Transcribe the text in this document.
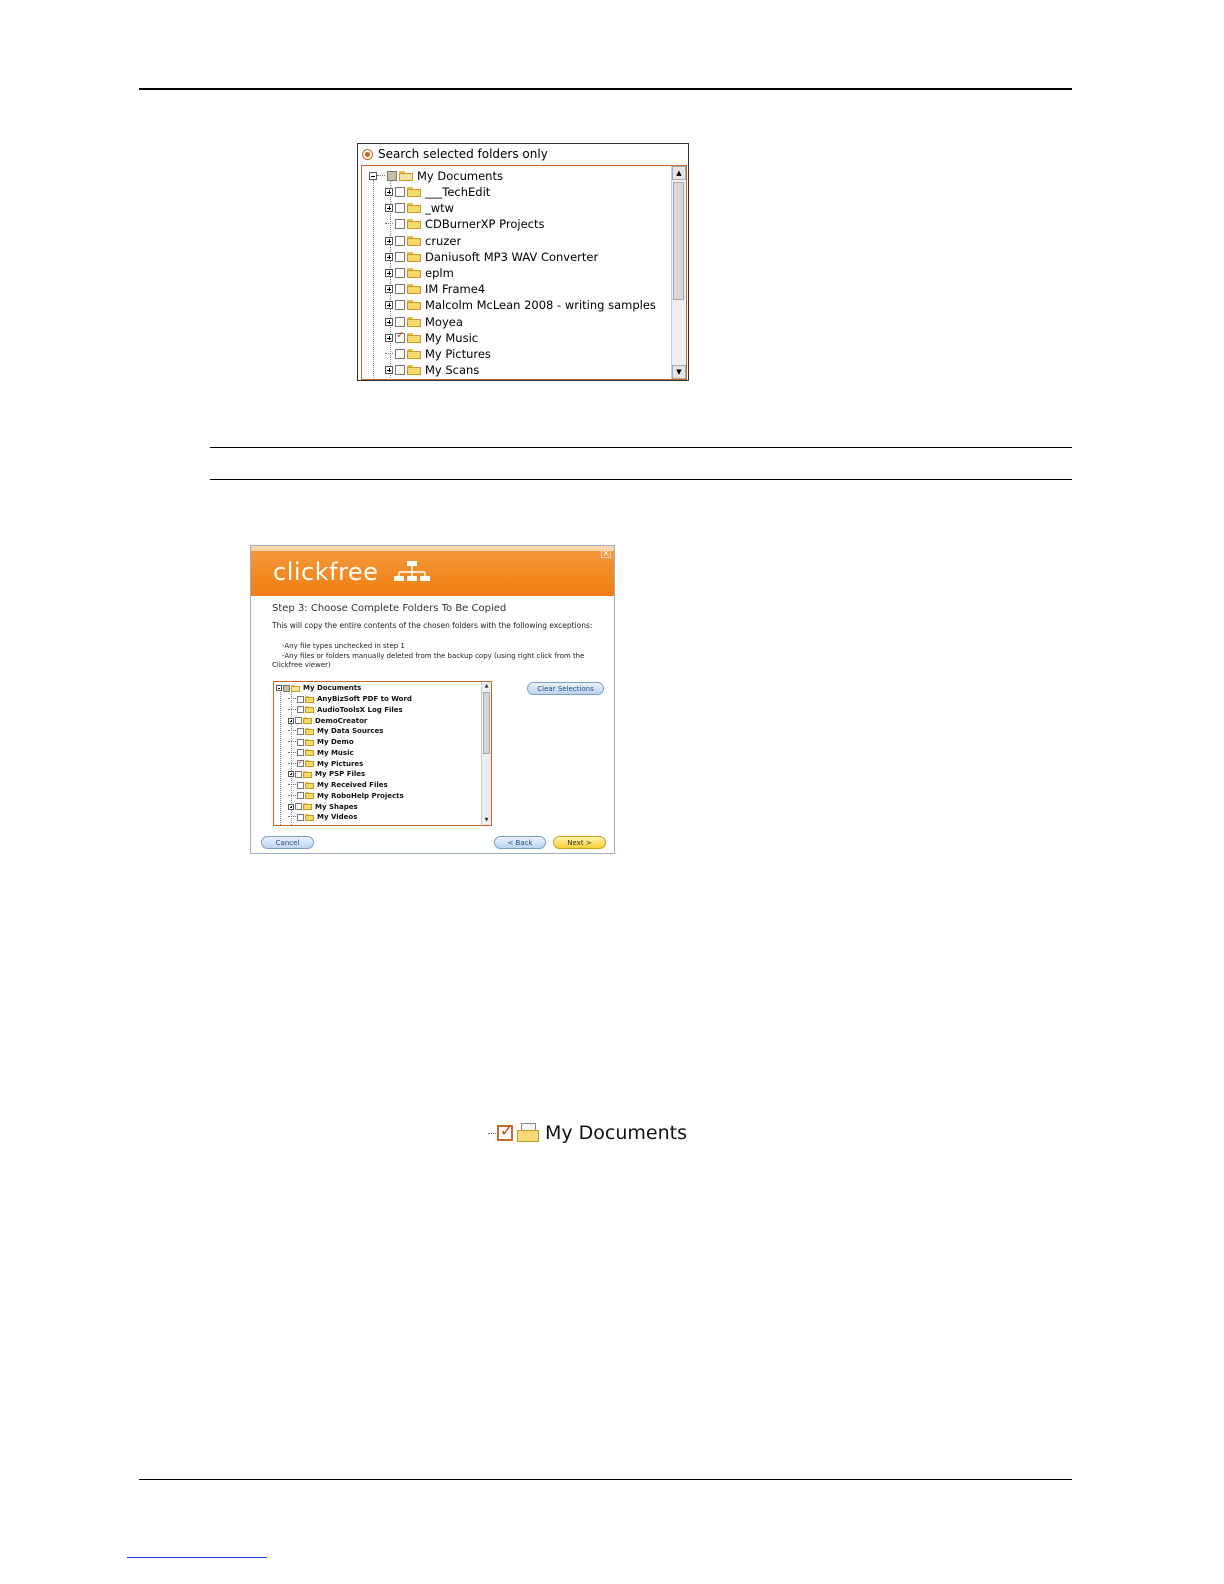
Search selected folders only
My Documents
___TechEdit
_wtw
CDBurnerXP Projects
cruzer
Daniusoft MP3 WAV Converter
eplm
IM Frame4
Malcolm McLean 2008 - writing samples
Moyea
✓
My Music
My Pictures
My Scans
▲
▼
clickfree
×
Step 3: Choose Complete Folders To Be Copied
This will copy the entire contents of the chosen folders with the following exceptions:
-Any file types unchecked in step 1
-Any files or folders manually deleted from the backup copy (using right click from the Clickfree viewer)
My Documents
AnyBizSoft PDF to Word
AudioToolsX Log Files
DemoCreator
My Data Sources
My Demo
My Music
✓
My Pictures
My PSP Files
My Received Files
My RoboHelp Projects
My Shapes
My Videos
▲
▼
Clear Selections
Cancel	< Back	Next >
✓
My Documents
